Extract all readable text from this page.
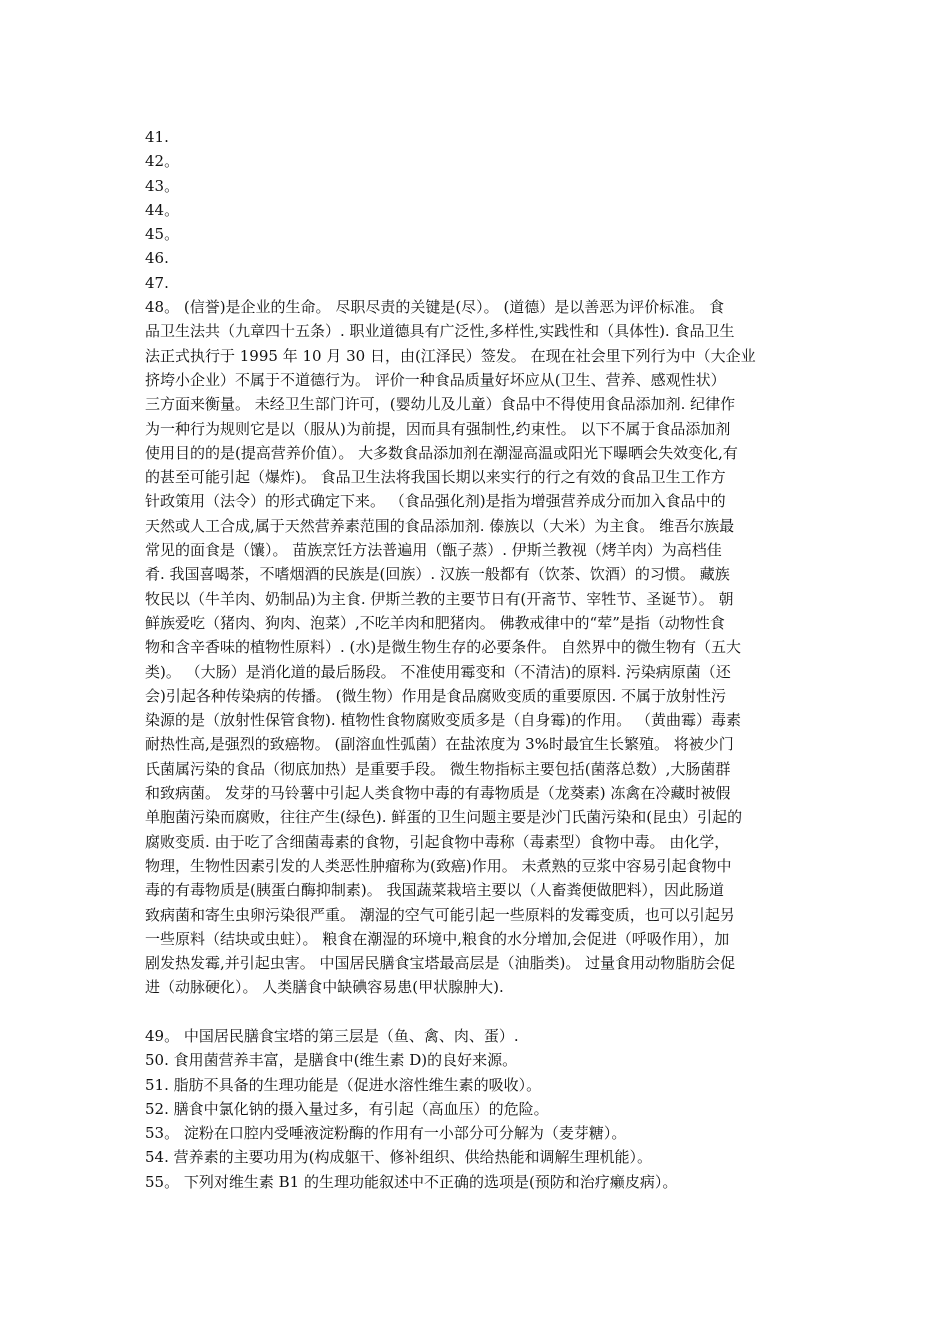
41.
42。
43。
44。
45。
46.
47.
48。 (信誉)是企业的生命。 尽职尽责的关键是(尽）。 (道德）是以善恶为评价标准。 食
品卫生法共（九章四十五条）. 职业道德具有广泛性,多样性,实践性和（具体性). 食品卫生
法正式执行于 1995 年 10 月 30 日，由(江泽民）签发。 在现在社会里下列行为中（大企业
挤垮小企业）不属于不道德行为。 评价一种食品质量好坏应从(卫生、营养、感观性状）
三方面来衡量。 未经卫生部门许可，(婴幼儿及儿童）食品中不得使用食品添加剂. 纪律作
为一种行为规则它是以（服从)为前提，因而具有强制性,约束性。 以下不属于食品添加剂
使用目的的是(提高营养价值）。 大多数食品添加剂在潮湿高温或阳光下曝晒会失效变化,有
的甚至可能引起（爆炸)。 食品卫生法将我国长期以来实行的行之有效的食品卫生工作方
针政策用（法令）的形式确定下来。 （食品强化剂)是指为增强营养成分而加入食品中的
天然或人工合成,属于天然营养素范围的食品添加剂. 傣族以（大米）为主食。 维吾尔族最
常见的面食是（馕）。 苗族烹饪方法普遍用（甑子蒸）. 伊斯兰教视（烤羊肉）为高档佳
肴. 我国喜喝茶，不嗜烟酒的民族是(回族）. 汉族一般都有（饮茶、饮酒）的习惯。 藏族
牧民以（牛羊肉、奶制品)为主食. 伊斯兰教的主要节日有(开斋节、宰牲节、圣诞节）。 朝
鲜族爱吃（猪肉、狗肉、泡菜）,不吃羊肉和肥猪肉。 佛教戒律中的“荤”是指（动物性食
物和含辛香味的植物性原料）. (水)是微生物生存的必要条件。 自然界中的微生物有（五大
类)。 （大肠）是消化道的最后肠段。 不准使用霉变和（不清洁)的原料. 污染病原菌（还
会)引起各种传染病的传播。 (微生物）作用是食品腐败变质的重要原因. 不属于放射性污
染源的是（放射性保管食物). 植物性食物腐败变质多是（自身霉)的作用。 （黄曲霉）毒素
耐热性高,是强烈的致癌物。 (副溶血性弧菌）在盐浓度为 3%时最宜生长繁殖。 将被少门
氏菌属污染的食品（彻底加热）是重要手段。 微生物指标主要包括(菌落总数）,大肠菌群
和致病菌。 发芽的马铃薯中引起人类食物中毒的有毒物质是（龙葵素) 冻禽在冷藏时被假
单胞菌污染而腐败，往往产生(绿色). 鲜蛋的卫生问题主要是沙门氏菌污染和(昆虫）引起的
腐败变质. 由于吃了含细菌毒素的食物，引起食物中毒称（毒素型）食物中毒。 由化学，
物理，生物性因素引发的人类恶性肿瘤称为(致癌)作用。 未煮熟的豆浆中容易引起食物中
毒的有毒物质是(胰蛋白酶抑制素)。 我国蔬菜栽培主要以（人畜粪便做肥料），因此肠道
致病菌和寄生虫卵污染很严重。 潮湿的空气可能引起一些原料的发霉变质，也可以引起另
一些原料（结块或虫蛀）。 粮食在潮湿的环境中,粮食的水分增加,会促进（呼吸作用），加
剧发热发霉,并引起虫害。 中国居民膳食宝塔最高层是（油脂类)。 过量食用动物脂肪会促
进（动脉硬化）。 人类膳食中缺碘容易患(甲状腺肿大).
49。 中国居民膳食宝塔的第三层是（鱼、禽、肉、蛋）.
50. 食用菌营养丰富，是膳食中(维生素 D)的良好来源。
51. 脂肪不具备的生理功能是（促进水溶性维生素的吸收）。
52. 膳食中氯化钠的摄入量过多，有引起（高血压）的危险。
53。 淀粉在口腔内受唾液淀粉酶的作用有一小部分可分解为（麦芽糖）。
54. 营养素的主要功用为(构成躯干、修补组织、供给热能和调解生理机能）。
55。 下列对维生素 B1 的生理功能叙述中不正确的选项是(预防和治疗癞皮病）。
